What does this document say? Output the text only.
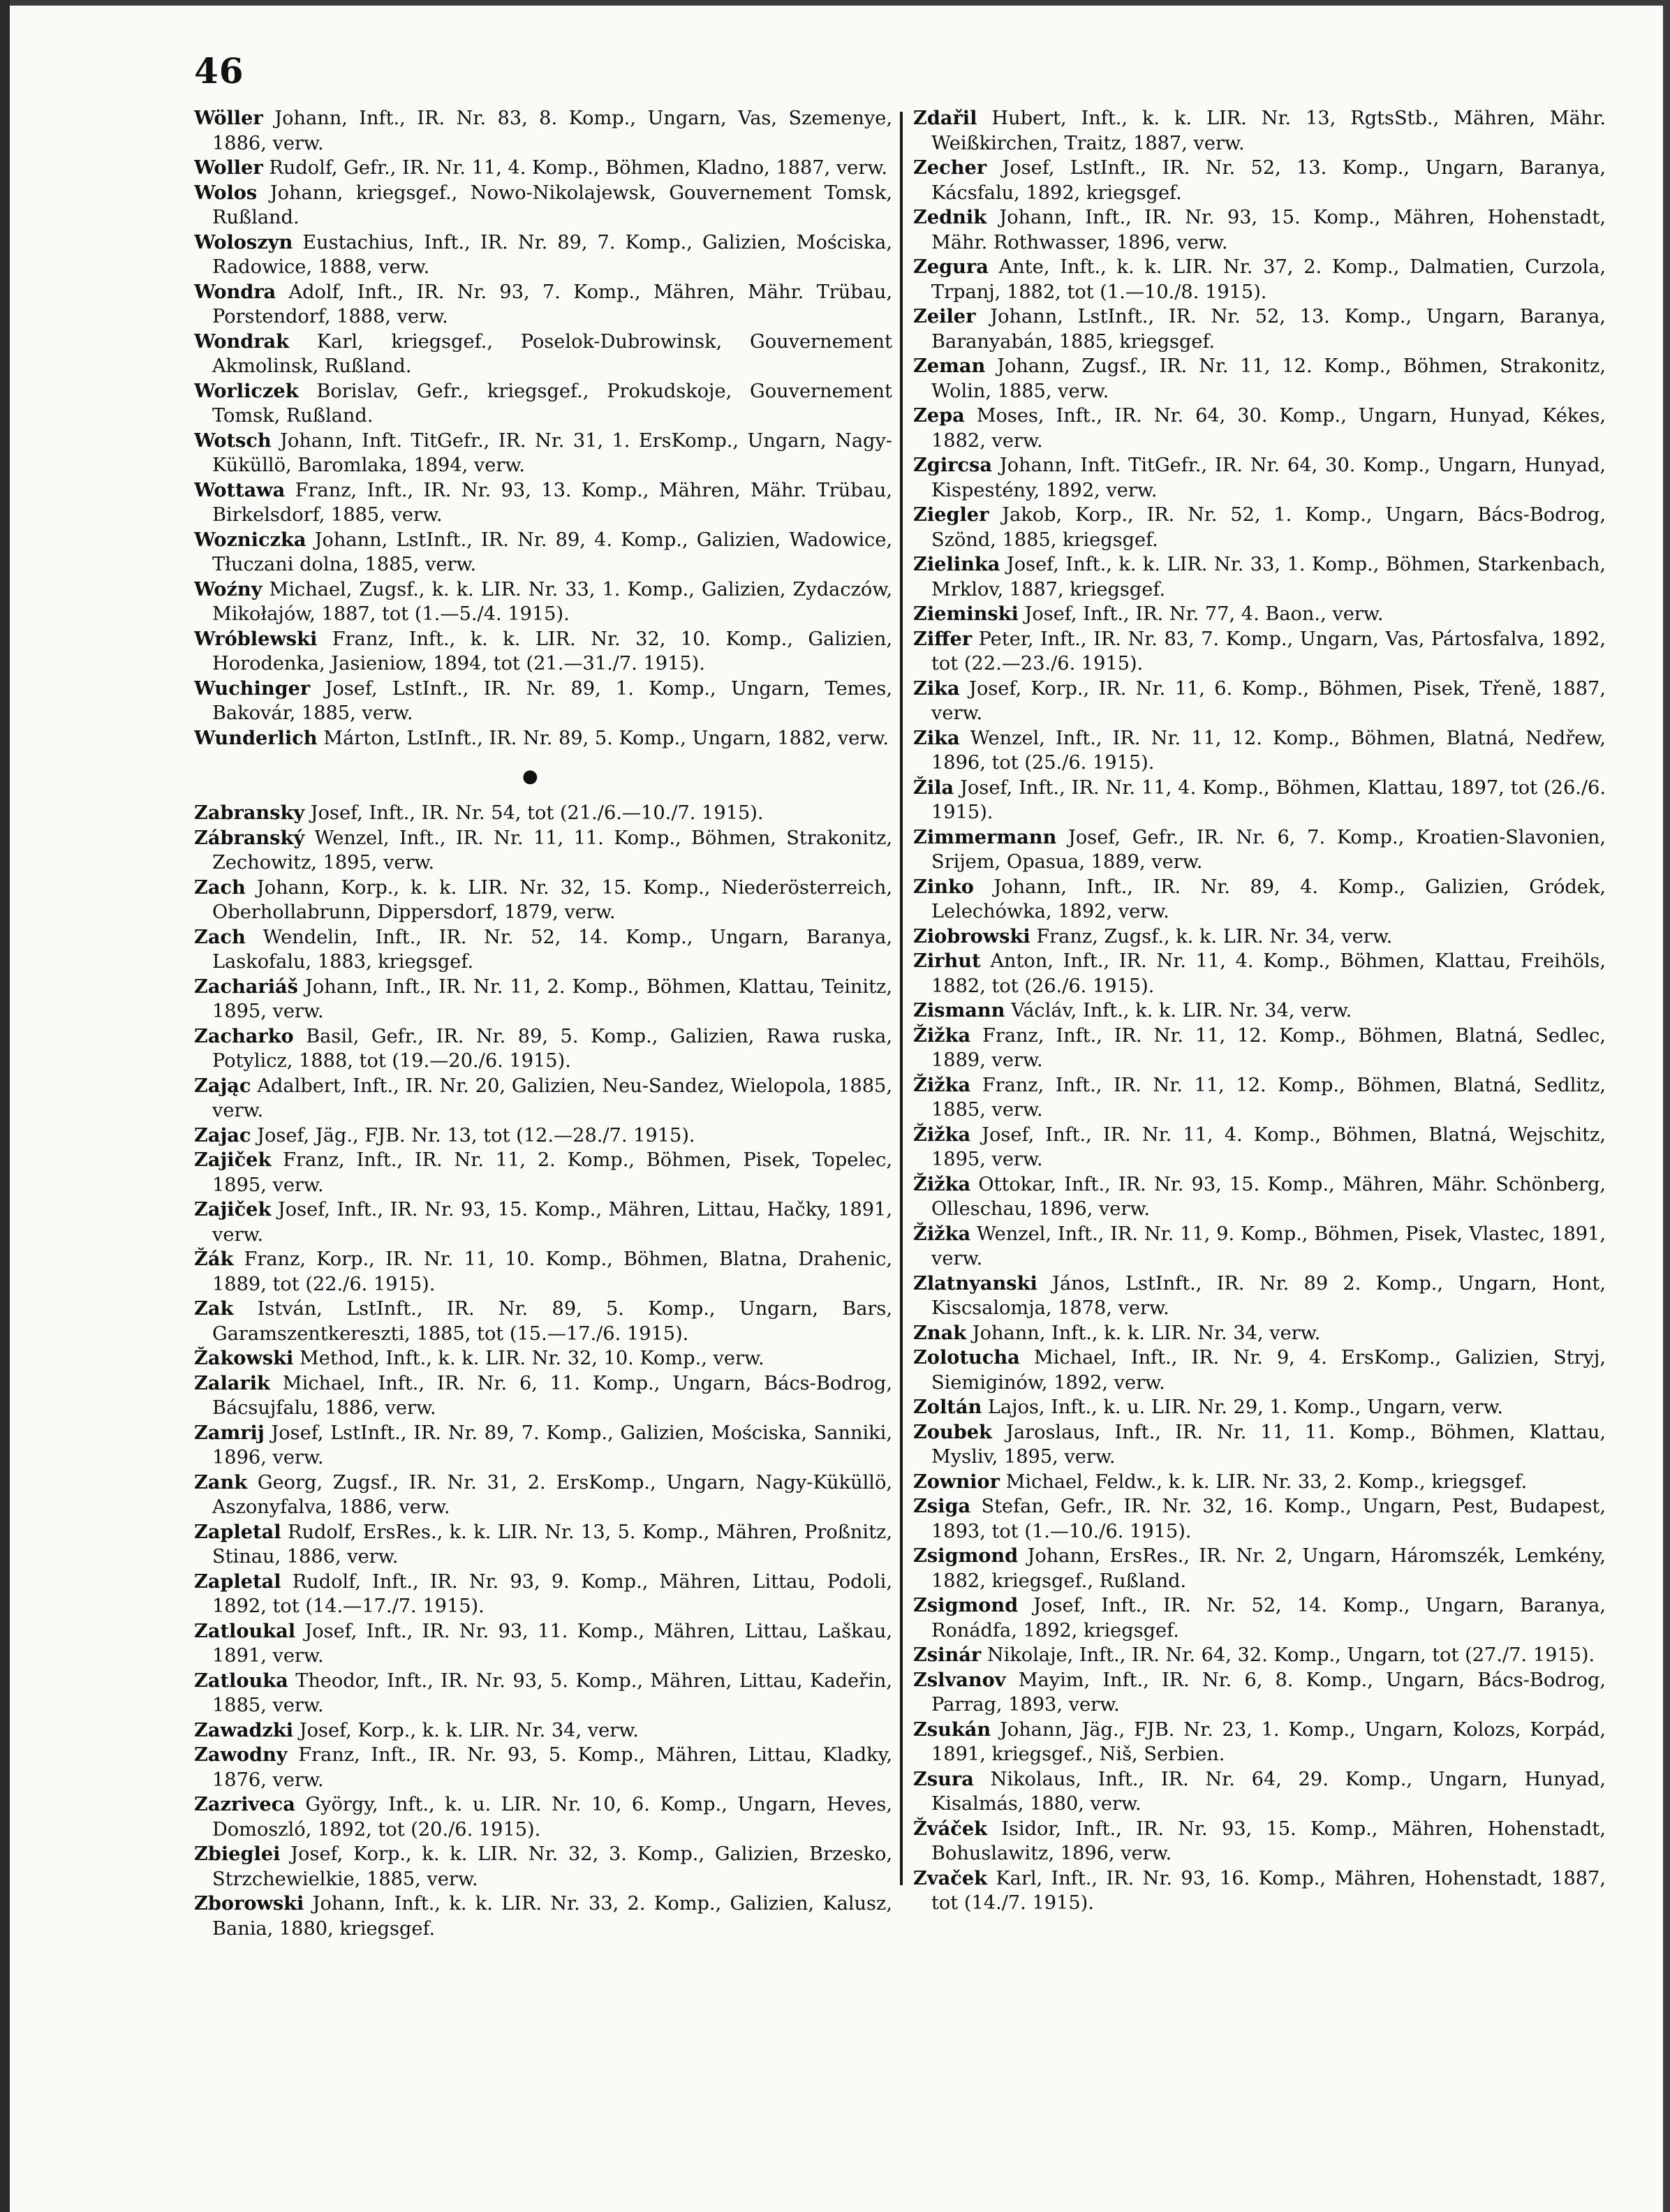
46

Wöller Johann, Inft., IR. Nr. 83, 8. Komp., Ungarn, Vas, Szemenye, 1886, verw.

Woller Rudolf, Gefr., IR. Nr. 11, 4. Komp., Böhmen, Kladno, 1887, verw.

Wolos Johann, kriegsgef., Nowo-Nikolajewsk, Gouvernement Tomsk, Rußland.

Woloszyn Eustachius, Inft., IR. Nr. 89, 7. Komp., Galizien, Mościska, Radowice, 1888, verw.

Wondra Adolf, Inft., IR. Nr. 93, 7. Komp., Mähren, Mähr. Trübau, Porstendorf, 1888, verw.

Wondrak Karl, kriegsgef., Poselok-Dubrowinsk, Gouvernement Akmolinsk, Rußland.

Worliczek Borislav, Gefr., kriegsgef., Prokudskoje, Gouvernement Tomsk, Rußland.

Wotsch Johann, Inft. TitGefr., IR. Nr. 31, 1. ErsKomp., Ungarn, Nagy-Küküllö, Baromlaka, 1894, verw.

Wottawa Franz, Inft., IR. Nr. 93, 13. Komp., Mähren, Mähr. Trübau, Birkelsdorf, 1885, verw.

Wozniczka Johann, LstInft., IR. Nr. 89, 4. Komp., Galizien, Wadowice, Tłuczani dolna, 1885, verw.

Woźny Michael, Zugsf., k. k. LIR. Nr. 33, 1. Komp., Galizien, Zydaczów, Mikołajów, 1887, tot (1.—5./4. 1915).

Wróblewski Franz, Inft., k. k. LIR. Nr. 32, 10. Komp., Galizien, Horodenka, Jasieniow, 1894, tot (21.—31./7. 1915).

Wuchinger Josef, LstInft., IR. Nr. 89, 1. Komp., Ungarn, Temes, Bakovár, 1885, verw.

Wunderlich Márton, LstInft., IR. Nr. 89, 5. Komp., Ungarn, 1882, verw.

●

Zabransky Josef, Inft., IR. Nr. 54, tot (21./6.—10./7. 1915).

Zábranský Wenzel, Inft., IR. Nr. 11, 11. Komp., Böhmen, Strakonitz, Zechowitz, 1895, verw.

Zach Johann, Korp., k. k. LIR. Nr. 32, 15. Komp., Niederösterreich, Oberhollabrunn, Dippersdorf, 1879, verw.

Zach Wendelin, Inft., IR. Nr. 52, 14. Komp., Ungarn, Baranya, Laskofalu, 1883, kriegsgef.

Zachariáš Johann, Inft., IR. Nr. 11, 2. Komp., Böhmen, Klattau, Teinitz, 1895, verw.

Zacharko Basil, Gefr., IR. Nr. 89, 5. Komp., Galizien, Rawa ruska, Potylicz, 1888, tot (19.—20./6. 1915).

Zając Adalbert, Inft., IR. Nr. 20, Galizien, Neu-Sandez, Wielopola, 1885, verw.

Zajac Josef, Jäg., FJB. Nr. 13, tot (12.—28./7. 1915).

Zajiček Franz, Inft., IR. Nr. 11, 2. Komp., Böhmen, Pisek, Topelec, 1895, verw.

Zajiček Josef, Inft., IR. Nr. 93, 15. Komp., Mähren, Littau, Hačky, 1891, verw.

Žák Franz, Korp., IR. Nr. 11, 10. Komp., Böhmen, Blatna, Drahenic, 1889, tot (22./6. 1915).

Zak István, LstInft., IR. Nr. 89, 5. Komp., Ungarn, Bars, Garamszentkereszti, 1885, tot (15.—17./6. 1915).

Žakowski Method, Inft., k. k. LIR. Nr. 32, 10. Komp., verw.

Zalarik Michael, Inft., IR. Nr. 6, 11. Komp., Ungarn, Bács-Bodrog, Bácsujfalu, 1886, verw.

Zamrij Josef, LstInft., IR. Nr. 89, 7. Komp., Galizien, Mościska, Sanniki, 1896, verw.

Zank Georg, Zugsf., IR. Nr. 31, 2. ErsKomp., Ungarn, Nagy-Küküllö, Aszonyfalva, 1886, verw.

Zapletal Rudolf, ErsRes., k. k. LIR. Nr. 13, 5. Komp., Mähren, Proßnitz, Stinau, 1886, verw.

Zapletal Rudolf, Inft., IR. Nr. 93, 9. Komp., Mähren, Littau, Podoli, 1892, tot (14.—17./7. 1915).

Zatloukal Josef, Inft., IR. Nr. 93, 11. Komp., Mähren, Littau, Laškau, 1891, verw.

Zatlouka Theodor, Inft., IR. Nr. 93, 5. Komp., Mähren, Littau, Kadeřin, 1885, verw.

Zawadzki Josef, Korp., k. k. LIR. Nr. 34, verw.

Zawodny Franz, Inft., IR. Nr. 93, 5. Komp., Mähren, Littau, Kladky, 1876, verw.

Zazriveca György, Inft., k. u. LIR. Nr. 10, 6. Komp., Ungarn, Heves, Domoszló, 1892, tot (20./6. 1915).

Zbieglei Josef, Korp., k. k. LIR. Nr. 32, 3. Komp., Galizien, Brzesko, Strzchewielkie, 1885, verw.

Zborowski Johann, Inft., k. k. LIR. Nr. 33, 2. Komp., Galizien, Kalusz, Bania, 1880, kriegsgef.

Zdařil Hubert, Inft., k. k. LIR. Nr. 13, RgtsStb., Mähren, Mähr. Weißkirchen, Traitz, 1887, verw.

Zecher Josef, LstInft., IR. Nr. 52, 13. Komp., Ungarn, Baranya, Kácsfalu, 1892, kriegsgef.

Zednik Johann, Inft., IR. Nr. 93, 15. Komp., Mähren, Hohenstadt, Mähr. Rothwasser, 1896, verw.

Zegura Ante, Inft., k. k. LIR. Nr. 37, 2. Komp., Dalmatien, Curzola, Trpanj, 1882, tot (1.—10./8. 1915).

Zeiler Johann, LstInft., IR. Nr. 52, 13. Komp., Ungarn, Baranya, Baranyabán, 1885, kriegsgef.

Zeman Johann, Zugsf., IR. Nr. 11, 12. Komp., Böhmen, Strakonitz, Wolin, 1885, verw.

Zepa Moses, Inft., IR. Nr. 64, 30. Komp., Ungarn, Hunyad, Kékes, 1882, verw.

Zgircsa Johann, Inft. TitGefr., IR. Nr. 64, 30. Komp., Ungarn, Hunyad, Kispestény, 1892, verw.

Ziegler Jakob, Korp., IR. Nr. 52, 1. Komp., Ungarn, Bács-Bodrog, Szönd, 1885, kriegsgef.

Zielinka Josef, Inft., k. k. LIR. Nr. 33, 1. Komp., Böhmen, Starkenbach, Mrklov, 1887, kriegsgef.

Zieminski Josef, Inft., IR. Nr. 77, 4. Baon., verw.

Ziffer Peter, Inft., IR. Nr. 83, 7. Komp., Ungarn, Vas, Pártosfalva, 1892, tot (22.—23./6. 1915).

Zika Josef, Korp., IR. Nr. 11, 6. Komp., Böhmen, Pisek, Třeně, 1887, verw.

Zika Wenzel, Inft., IR. Nr. 11, 12. Komp., Böhmen, Blatná, Nedřew, 1896, tot (25./6. 1915).

Žila Josef, Inft., IR. Nr. 11, 4. Komp., Böhmen, Klattau, 1897, tot (26./6. 1915).

Zimmermann Josef, Gefr., IR. Nr. 6, 7. Komp., Kroatien-Slavonien, Srijem, Opasua, 1889, verw.

Zinko Johann, Inft., IR. Nr. 89, 4. Komp., Galizien, Gródek, Lelechówka, 1892, verw.

Ziobrowski Franz, Zugsf., k. k. LIR. Nr. 34, verw.

Zirhut Anton, Inft., IR. Nr. 11, 4. Komp., Böhmen, Klattau, Freihöls, 1882, tot (26./6. 1915).

Zismann Václáv, Inft., k. k. LIR. Nr. 34, verw.

Žižka Franz, Inft., IR. Nr. 11, 12. Komp., Böhmen, Blatná, Sedlec, 1889, verw.

Žižka Franz, Inft., IR. Nr. 11, 12. Komp., Böhmen, Blatná, Sedlitz, 1885, verw.

Žižka Josef, Inft., IR. Nr. 11, 4. Komp., Böhmen, Blatná, Wejschitz, 1895, verw.

Žižka Ottokar, Inft., IR. Nr. 93, 15. Komp., Mähren, Mähr. Schönberg, Olleschau, 1896, verw.

Žižka Wenzel, Inft., IR. Nr. 11, 9. Komp., Böhmen, Pisek, Vlastec, 1891, verw.

Zlatnyanski János, LstInft., IR. Nr. 89 2. Komp., Ungarn, Hont, Kiscsalomja, 1878, verw.

Znak Johann, Inft., k. k. LIR. Nr. 34, verw.

Zolotucha Michael, Inft., IR. Nr. 9, 4. ErsKomp., Galizien, Stryj, Siemiginów, 1892, verw.

Zoltán Lajos, Inft., k. u. LIR. Nr. 29, 1. Komp., Ungarn, verw.

Zoubek Jaroslaus, Inft., IR. Nr. 11, 11. Komp., Böhmen, Klattau, Mysliv, 1895, verw.

Zownior Michael, Feldw., k. k. LIR. Nr. 33, 2. Komp., kriegsgef.

Zsiga Stefan, Gefr., IR. Nr. 32, 16. Komp., Ungarn, Pest, Budapest, 1893, tot (1.—10./6. 1915).

Zsigmond Johann, ErsRes., IR. Nr. 2, Ungarn, Háromszék, Lemkény, 1882, kriegsgef., Rußland.

Zsigmond Josef, Inft., IR. Nr. 52, 14. Komp., Ungarn, Baranya, Ronádfa, 1892, kriegsgef.

Zsinár Nikolaje, Inft., IR. Nr. 64, 32. Komp., Ungarn, tot (27./7. 1915).

Zslvanov Mayim, Inft., IR. Nr. 6, 8. Komp., Ungarn, Bács-Bodrog, Parrag, 1893, verw.

Zsukán Johann, Jäg., FJB. Nr. 23, 1. Komp., Ungarn, Kolozs, Korpád, 1891, kriegsgef., Niš, Serbien.

Zsura Nikolaus, Inft., IR. Nr. 64, 29. Komp., Ungarn, Hunyad, Kisalmás, 1880, verw.

Žváček Isidor, Inft., IR. Nr. 93, 15. Komp., Mähren, Hohenstadt, Bohuslawitz, 1896, verw.

Zvaček Karl, Inft., IR. Nr. 93, 16. Komp., Mähren, Hohenstadt, 1887, tot (14./7. 1915).
